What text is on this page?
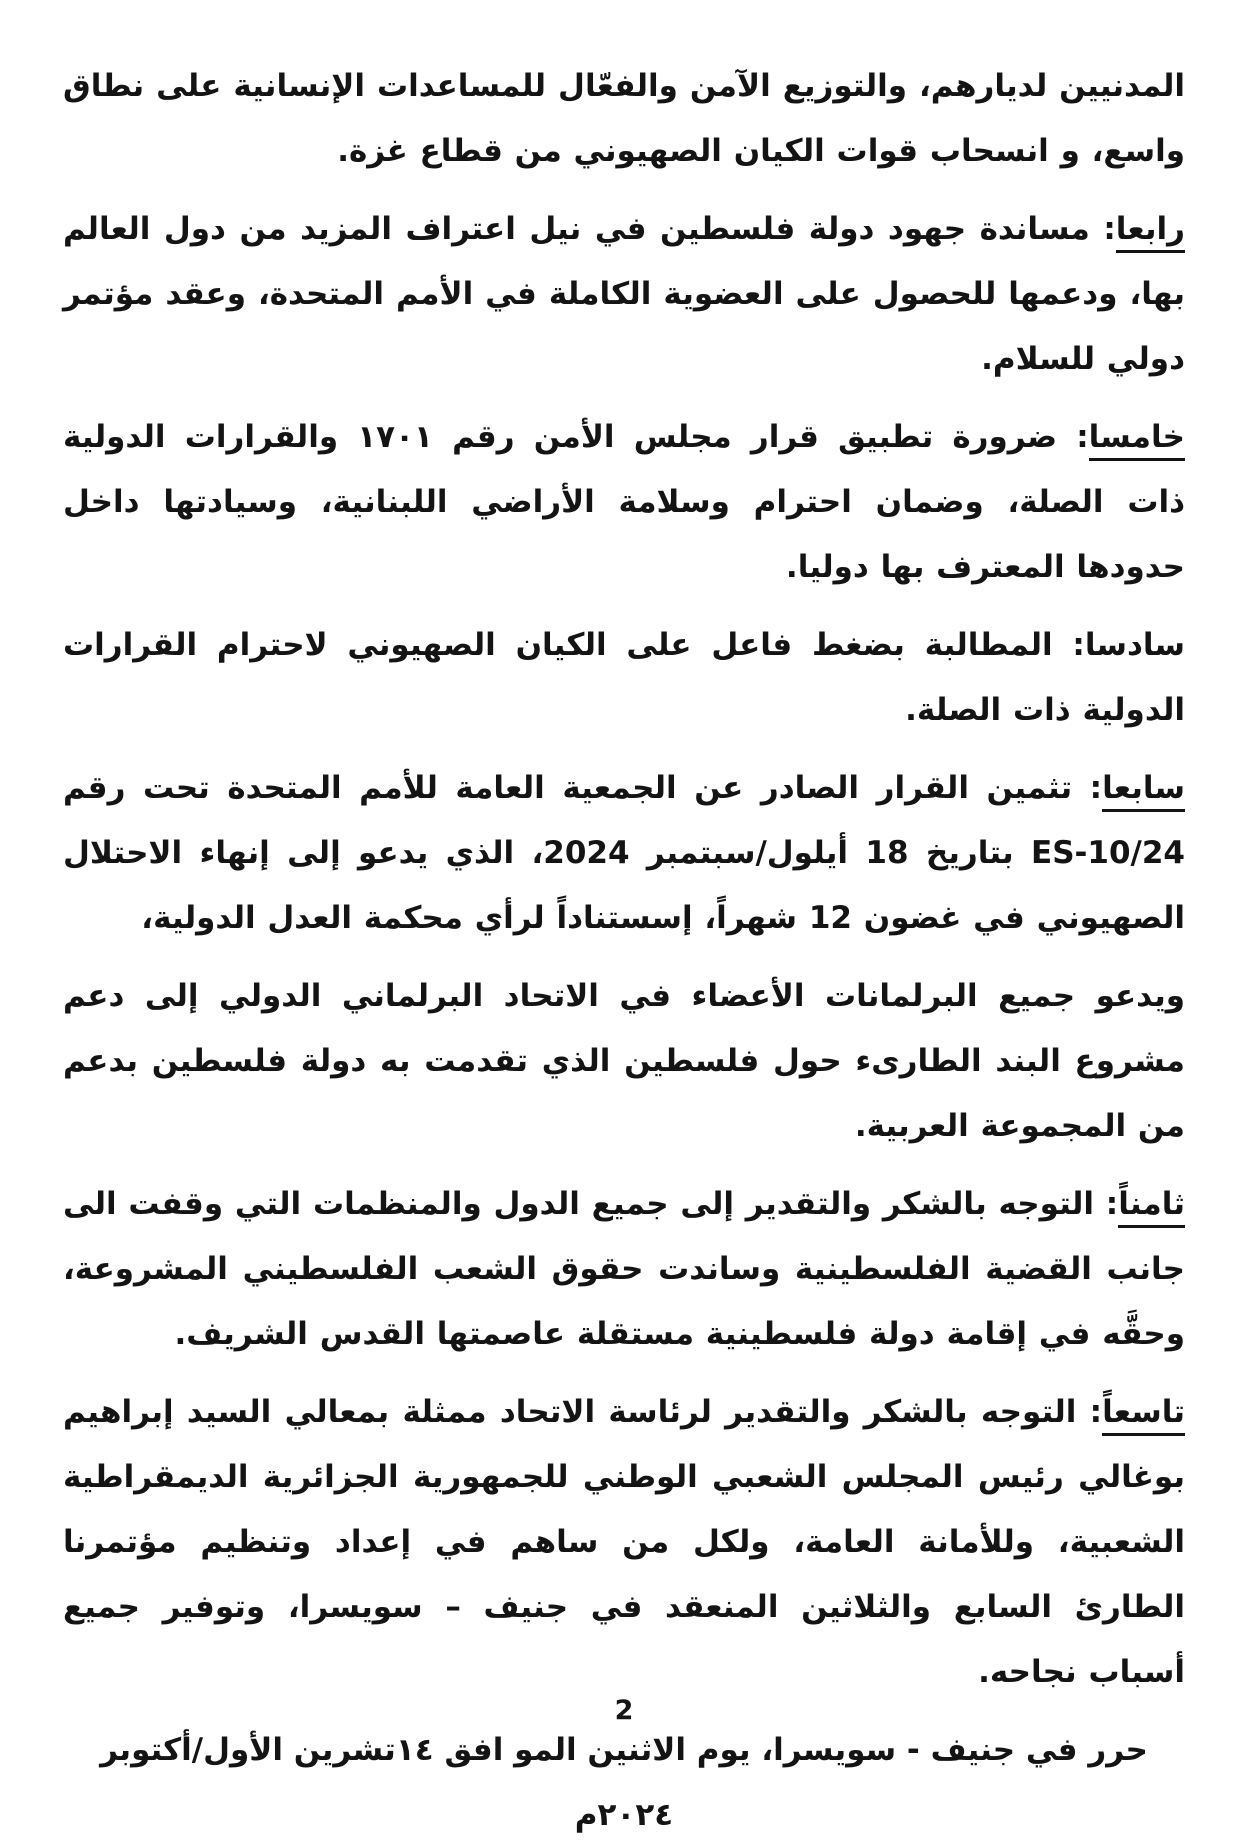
المدنيين لديارهم، والتوزيع الآمن والفعّال للمساعدات الإنسانية على نطاق واسع، و انسحاب قوات الكيان الصهيوني من قطاع غزة.

رابعا: مساندة جهود دولة فلسطين في نيل اعتراف المزيد من دول العالم بها، ودعمها للحصول على العضوية الكاملة في الأمم المتحدة، وعقد مؤتمر دولي للسلام.

خامسا: ضرورة تطبيق قرار مجلس الأمن رقم ١٧٠١ والقرارات الدولية ذات الصلة، وضمان احترام وسلامة الأراضي اللبنانية، وسيادتها داخل حدودها المعترف بها دوليا.

سادسا: المطالبة بضغط فاعل على الكيان الصهيوني لاحترام القرارات الدولية ذات الصلة.

سابعا: تثمين القرار الصادر عن الجمعية العامة للأمم المتحدة تحت رقم ES-10/24 بتاريخ 18 أيلول/سبتمبر 2024، الذي يدعو إلى إنهاء الاحتلال الصهيوني في غضون 12 شهراً، إسستناداً لرأي محكمة العدل الدولية،

ويدعو جميع البرلمانات الأعضاء في الاتحاد البرلماني الدولي إلى دعم مشروع البند الطارىء حول فلسطين الذي تقدمت به دولة فلسطين بدعم من المجموعة العربية.

ثامناً: التوجه بالشكر والتقدير إلى جميع الدول والمنظمات التي وقفت الى جانب القضية الفلسطينية وساندت حقوق الشعب الفلسطيني المشروعة، وحقَّه في إقامة دولة فلسطينية مستقلة عاصمتها القدس الشريف.

تاسعاً: التوجه بالشكر والتقدير لرئاسة الاتحاد ممثلة بمعالي السيد إبراهيم بوغالي رئيس المجلس الشعبي الوطني للجمهورية الجزائرية الديمقراطية الشعبية، وللأمانة العامة، ولكل من ساهم في إعداد وتنظيم مؤتمرنا الطارئ السابع والثلاثين المنعقد في جنيف – سويسرا، وتوفير جميع أسباب نجاحه.

حرر في جنيف - سويسرا، يوم الاثنين المو افق ١٤تشرين الأول/أكتوبر ٢٠٢٤م
2
